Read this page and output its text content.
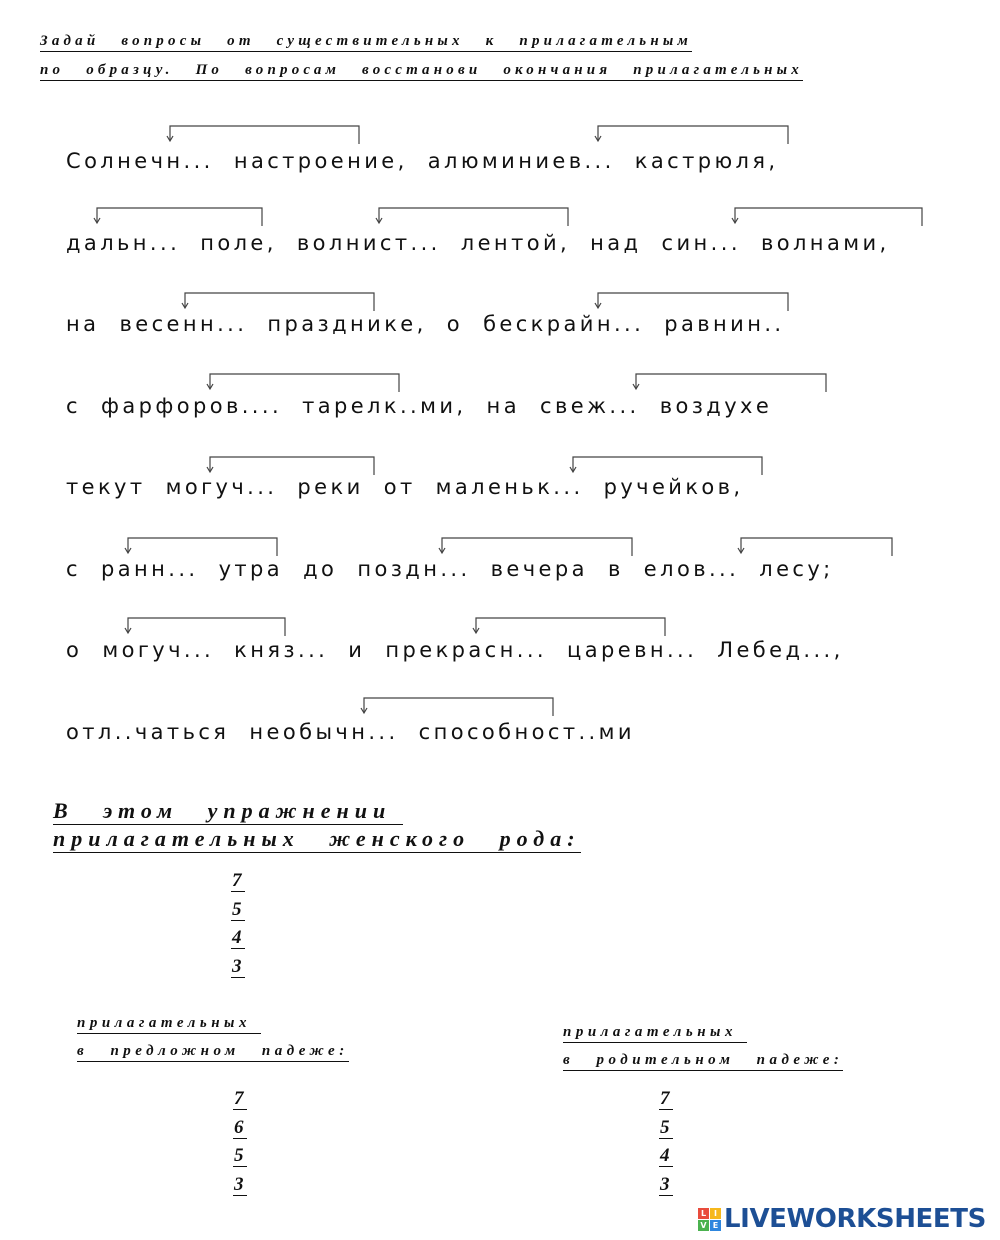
Задай вопросы от существительных к прилагательным

по образцу. По вопросам восстанови окончания прилагательных

Солнечн... настроение, алюминиев... кастрюля,

дальн... поле, волнист... лентой, над син... волнами,

на весенн... празднике, о бескрайн... равнин..

с фарфоров.... тарелк..ми, на свеж... воздухе

текут могуч... реки от маленьк... ручейков,

с ранн... утра до поздн... вечера в елов... лесу;

о могуч... княз... и прекрасн... царевн... Лебед...,

отл..чаться необычн... способност..ми

В этом упражнении

прилагательных женского рода:

7
5
4
3

прилагательных

в предложном падеже:

7
6
5
3

прилагательных

в родительном падеже:

7
5
4
3
L I
V E LIVEWORKSHEETS
